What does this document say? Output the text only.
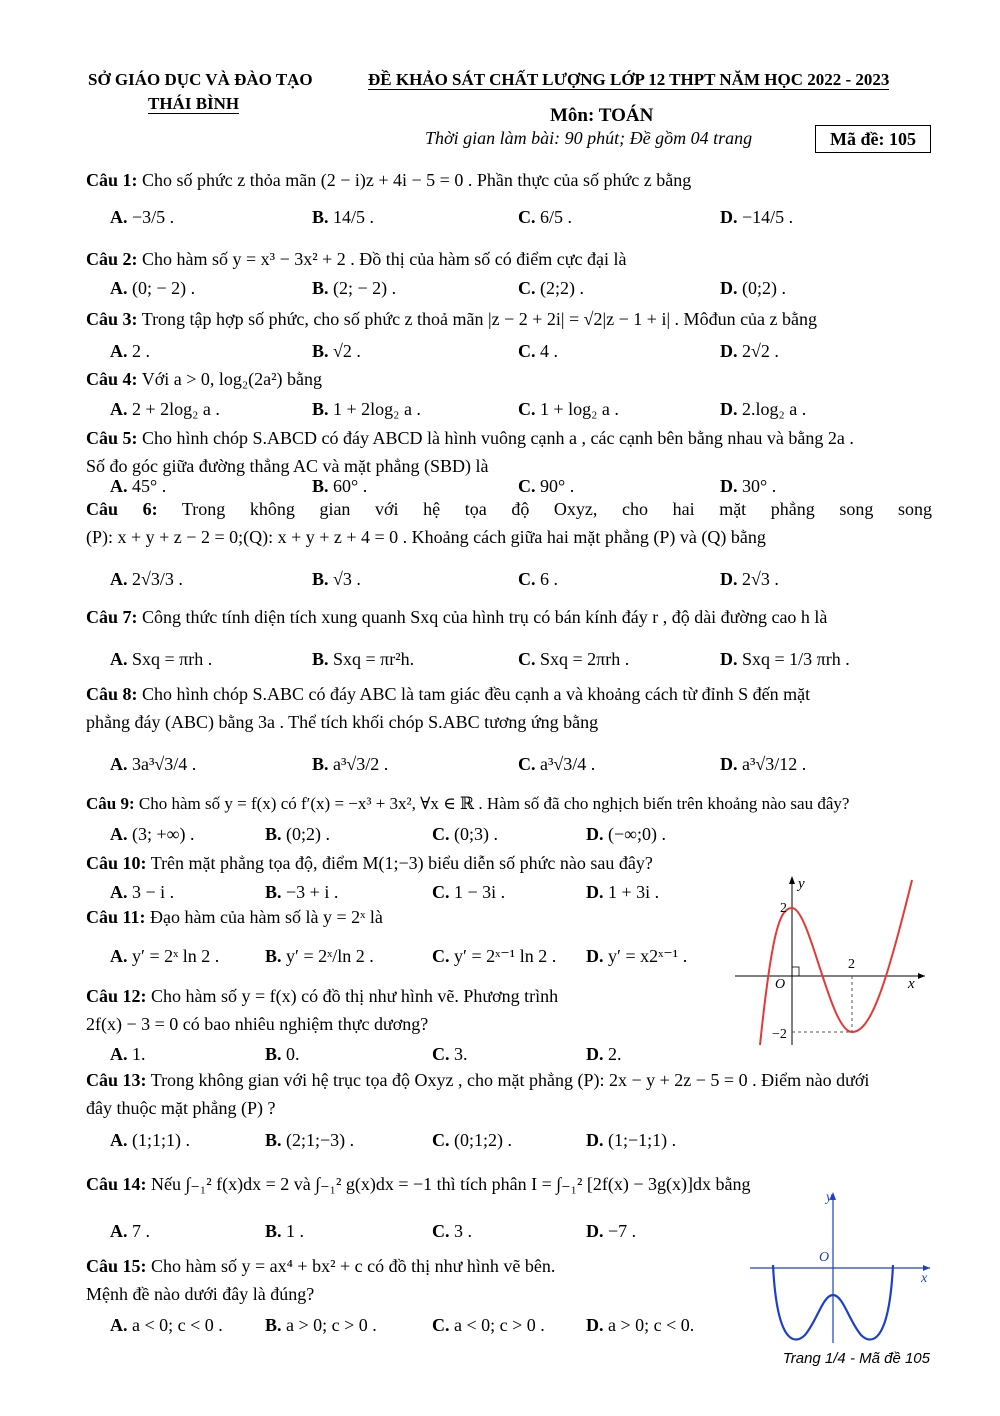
SỞ GIÁO DỤC VÀ ĐÀO TẠO
THÁI BÌNH
ĐỀ KHẢO SÁT CHẤT LƯỢNG LỚP 12 THPT NĂM HỌC 2022 - 2023
Môn: TOÁN
Thời gian làm bài: 90 phút; Đề gồm 04 trang	Mã đề: 105
Câu 1: Cho số phức z thỏa mãn (2 − i)z + 4i − 5 = 0 . Phần thực của số phức z bằng
A. −3/5 .	B. 14/5 .	C. 6/5 .	D. −14/5 .
Câu 2: Cho hàm số y = x³ − 3x² + 2 . Đồ thị của hàm số có điểm cực đại là
A. (0; − 2) .	B. (2; − 2) .	C. (2;2) .	D. (0;2) .
Câu 3: Trong tập hợp số phức, cho số phức z thoả mãn |z − 2 + 2i| = √2|z − 1 + i| . Môđun của z bằng
A. 2 .	B. √2 .	C. 4 .	D. 2√2 .
Câu 4: Với a > 0, log₂(2a²) bằng
A. 2 + 2log₂ a .	B. 1 + 2log₂ a .	C. 1 + log₂ a .	D. 2.log₂ a .
Câu 5: Cho hình chóp S.ABCD có đáy ABCD là hình vuông cạnh a , các cạnh bên bằng nhau và bằng 2a .
Số đo góc giữa đường thẳng AC và mặt phẳng (SBD) là
A. 45° .	B. 60° .	C. 90° .	D. 30° .
Câu 6: Trong không gian với hệ tọa độ Oxyz, cho hai mặt phẳng song song
(P): x + y + z − 2 = 0;(Q): x + y + z + 4 = 0 . Khoảng cách giữa hai mặt phẳng (P) và (Q) bằng
A. 2√3/3 .	B. √3 .	C. 6 .	D. 2√3 .
Câu 7: Công thức tính diện tích xung quanh Sxq của hình trụ có bán kính đáy r , độ dài đường cao h là
A. Sxq = πrh .	B. Sxq = πr²h.	C. Sxq = 2πrh .	D. Sxq = 1/3 πrh .
Câu 8: Cho hình chóp S.ABC có đáy ABC là tam giác đều cạnh a và khoảng cách từ đỉnh S đến mặt
phẳng đáy (ABC) bằng 3a . Thể tích khối chóp S.ABC tương ứng bằng
A. 3a³√3/4 .	B. a³√3/2 .	C. a³√3/4 .	D. a³√3/12 .
Câu 9: Cho hàm số y = f(x) có f′(x) = −x³ + 3x², ∀x ∈ ℝ . Hàm số đã cho nghịch biến trên khoảng nào sau đây?
A. (3; +∞) .	B. (0;2) .	C. (0;3) .	D. (−∞;0) .
Câu 10: Trên mặt phẳng tọa độ, điểm M(1;−3) biểu diễn số phức nào sau đây?
A. 3 − i .	B. −3 + i .	C. 1 − 3i .	D. 1 + 3i .
Câu 11: Đạo hàm của hàm số là y = 2ˣ là
A. y′ = 2ˣ ln 2 .	B. y′ = 2ˣ/ln 2 .	C. y′ = 2ˣ⁻¹ ln 2 . D. y′ = x2ˣ⁻¹ .
Câu 12: Cho hàm số y = f(x) có đồ thị như hình vẽ. Phương trình
2f(x) − 3 = 0 có bao nhiêu nghiệm thực dương?
A. 1.	B. 0.	C. 3.	D. 2.
y
x
O
2
−2
2
Câu 13: Trong không gian với hệ trục tọa độ Oxyz , cho mặt phẳng (P): 2x − y + 2z − 5 = 0 . Điểm nào dưới
đây thuộc mặt phẳng (P) ?
A. (1;1;1) .	B. (2;1;−3) .	C. (0;1;2) .	D. (1;−1;1) .
Câu 14: Nếu ∫₋₁² f(x)dx = 2 và ∫₋₁² g(x)dx = −1 thì tích phân I = ∫₋₁² [2f(x) − 3g(x)]dx bằng
A. 7 .	B. 1 .	C. 3 .	D. −7 .
Câu 15: Cho hàm số y = ax⁴ + bx² + c có đồ thị như hình vẽ bên.
Mệnh đề nào dưới đây là đúng?
A. a < 0; c < 0 . B. a > 0; c > 0 .	C. a < 0; c > 0 . D. a > 0; c < 0.
y
x
O
Trang 1/4 - Mã đề 105
